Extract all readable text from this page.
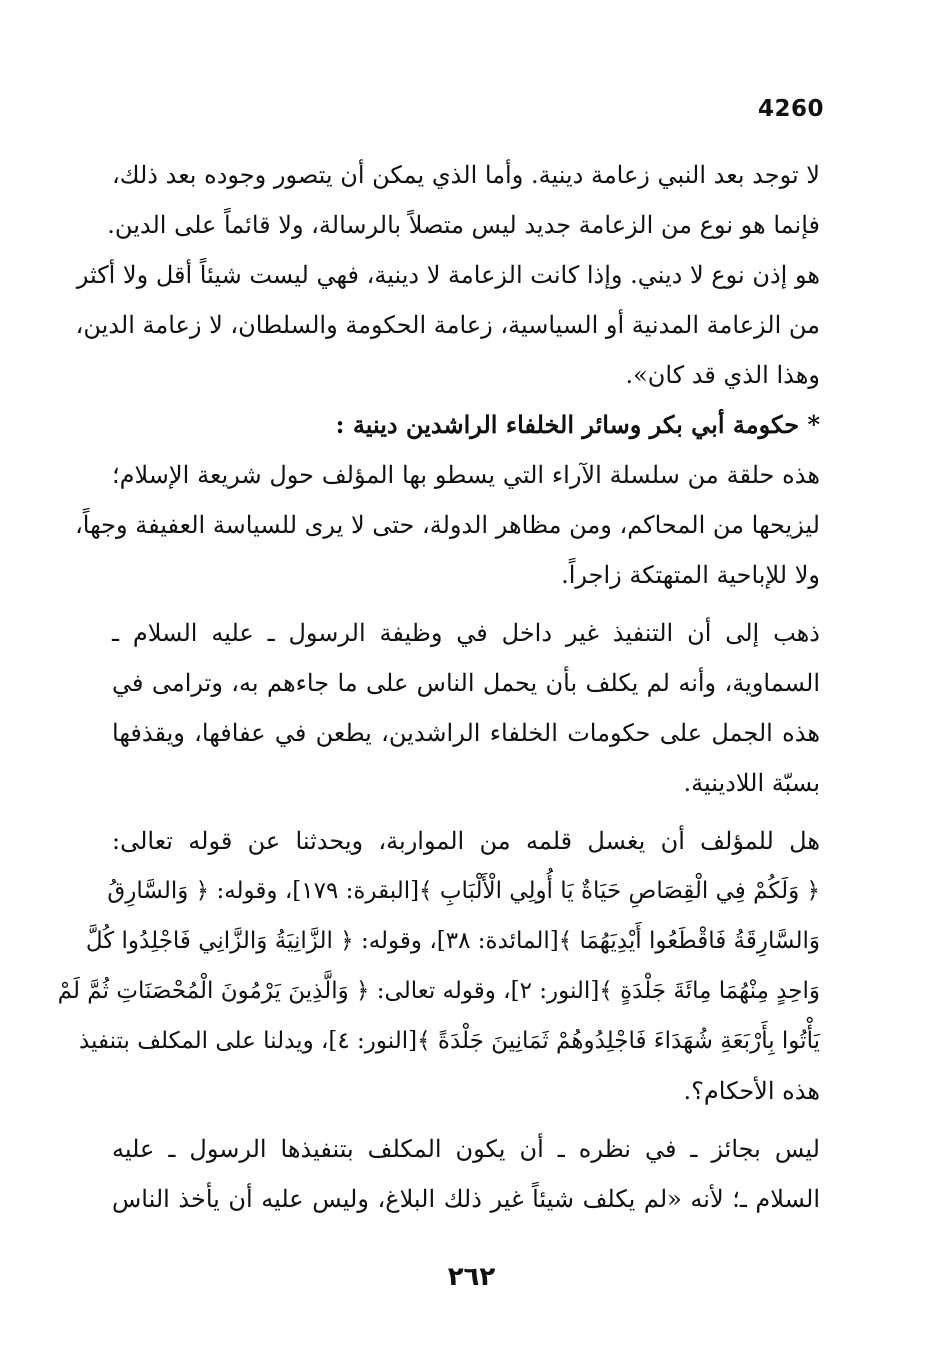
4260
لا توجد بعد النبي زعامة دينية. وأما الذي يمكن أن يتصور وجوده بعد ذلك،
فإنما هو نوع من الزعامة جديد ليس متصلاً بالرسالة، ولا قائماً على الدين.
هو إذن نوع لا ديني. وإذا كانت الزعامة لا دينية، فهي ليست شيئاً أقل ولا أكثر
من الزعامة المدنية أو السياسية، زعامة الحكومة والسلطان، لا زعامة الدين،
وهذا الذي قد كان».
* حكومة أبي بكر وسائر الخلفاء الراشدين دينية :
هذه حلقة من سلسلة الآراء التي يسطو بها المؤلف حول شريعة الإسلام؛
ليزيحها من المحاكم، ومن مظاهر الدولة، حتى لا يرى للسياسة العفيفة وجهاً،
ولا للإباحية المتهتكة زاجراً.
ذهب إلى أن التنفيذ غير داخل في وظيفة الرسول ـ عليه السلام ـ
السماوية، وأنه لم يكلف بأن يحمل الناس على ما جاءهم به، وترامى في
هذه الجمل على حكومات الخلفاء الراشدين، يطعن في عفافها، ويقذفها
بسبّة اللادينية.
هل للمؤلف أن يغسل قلمه من المواربة، ويحدثنا عن قوله تعالى:
﴿ وَلَكُمْ فِي الْقِصَاصِ حَيَاةٌ يَا أُولِي الْأَلْبَابِ ﴾[البقرة: ١٧٩]، وقوله: ﴿ وَالسَّارِقُ
وَالسَّارِقَةُ فَاقْطَعُوا أَيْدِيَهُمَا ﴾[المائدة: ٣٨]، وقوله: ﴿ الزَّانِيَةُ وَالزَّانِي فَاجْلِدُوا كُلَّ
وَاحِدٍ مِنْهُمَا مِائَةَ جَلْدَةٍ ﴾[النور: ٢]، وقوله تعالى: ﴿ وَالَّذِينَ يَرْمُونَ الْمُحْصَنَاتِ ثُمَّ لَمْ
يَأْتُوا بِأَرْبَعَةِ شُهَدَاءَ فَاجْلِدُوهُمْ ثَمَانِينَ جَلْدَةً ﴾[النور: ٤]، ويدلنا على المكلف بتنفيذ
هذه الأحكام؟.
ليس بجائز ـ في نظره ـ أن يكون المكلف بتنفيذها الرسول ـ عليه
السلام ـ؛ لأنه «لم يكلف شيئاً غير ذلك البلاغ، وليس عليه أن يأخذ الناس
٢٦٢
